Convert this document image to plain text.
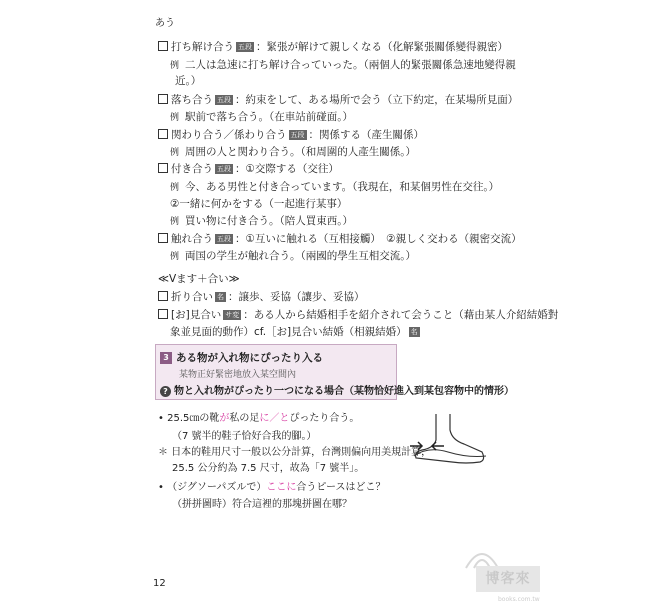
あう
打ち解け合う 五段 ：緊張が解けて親しくなる（化解緊張關係變得親密）
例 二人は急速に打ち解け合っていった。（兩個人的緊張關係急速地變得親
近。）
落ち合う 五段 ：約束をして、ある場所で会う（立下約定，在某場所見面）
例 駅前で落ち合う。（在車站前碰面。）
関わり合う／係わり合う 五段 ：関係する（產生關係）
例 周囲の人と関わり合う。（和周圍的人產生關係。）
付き合う 五段 ：①交際する（交往）
例 今、ある男性と付き合っています。（我現在，和某個男性在交往。）
②一緒に何かをする（一起進行某事）
例 買い物に付き合う。（陪人買東西。）
触れ合う 五段 ：①互いに触れる（互相接觸）　②親しく交わる（親密交流）
例 両国の学生が触れ合う。（兩國的學生互相交流。）
≪Vます＋合い≫
折り合い 名 ：譲歩、妥協（讓步、妥協）
[お]見合い サ変 ：ある人から結婚相手を紹介されて会うこと（藉由某人介紹結婚對
象並見面的動作）cf.［お]見合い結婚（相親結婚） 名
3 ある物が入れ物にぴったり入る
某物正好緊密地放入某空間內
? 物と入れ物がぴったり一つになる場合（某物恰好進入到某包容物中的情形）
• 25.5㎝の靴が私の足に／とぴったり合う。
（7 號半的鞋子恰好合我的腳。）
＊ 日本的鞋用尺寸一般以公分計算，台灣則偏向用美規計算，
25.5 公分約為 7.5 尺寸，故為「7 號半」。
• （ジグソーパズルで）ここに合うピースはどこ？
（拼拼圖時）符合這裡的那塊拼圖在哪？
12	博客來
books.com.tw
